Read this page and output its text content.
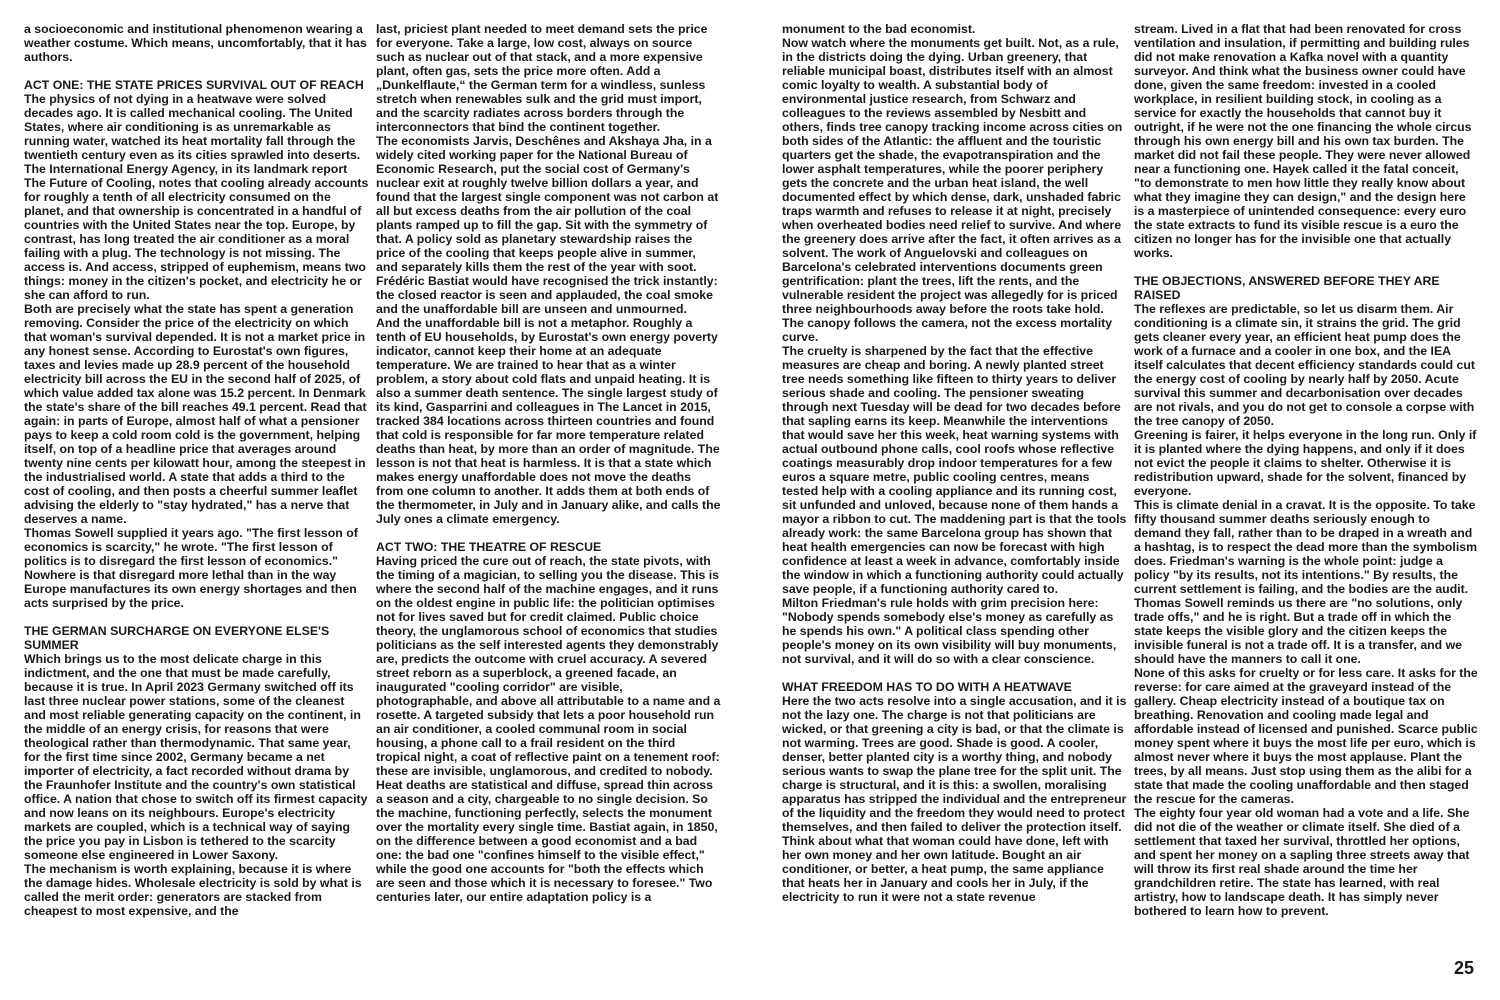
a socioeconomic and institutional phenomenon wearing a weather costume. Which means, uncomfortably, that it has authors.

ACT ONE: THE STATE PRICES SURVIVAL OUT OF REACH

The physics of not dying in a heatwave were solved decades ago. It is called mechanical cooling. The United States, where air conditioning is as unremarkable as running water, watched its heat mortality fall through the twentieth century even as its cities sprawled into deserts. The International Energy Agency, in its landmark report The Future of Cooling, notes that cooling already accounts for roughly a tenth of all electricity consumed on the planet, and that ownership is concentrated in a handful of countries with the United States near the top. Europe, by contrast, has long treated the air conditioner as a moral failing with a plug. The technology is not missing. The access is. And access, stripped of euphemism, means two things: money in the citizen's pocket, and electricity he or she can afford to run.

Both are precisely what the state has spent a generation removing. Consider the price of the electricity on which that woman's survival depended. It is not a market price in any honest sense. According to Eurostat's own figures, taxes and levies made up 28.9 percent of the household electricity bill across the EU in the second half of 2025, of which value added tax alone was 15.2 percent. In Denmark the state's share of the bill reaches 49.1 percent. Read that again: in parts of Europe, almost half of what a pensioner pays to keep a cold room cold is the government, helping itself, on top of a headline price that averages around twenty nine cents per kilowatt hour, among the steepest in the industrialised world. A state that adds a third to the cost of cooling, and then posts a cheerful summer leaflet advising the elderly to "stay hydrated," has a nerve that deserves a name.

Thomas Sowell supplied it years ago. "The first lesson of economics is scarcity," he wrote. "The first lesson of politics is to disregard the first lesson of economics." Nowhere is that disregard more lethal than in the way Europe manufactures its own energy shortages and then acts surprised by the price.

THE GERMAN SURCHARGE ON EVERYONE ELSE'S SUMMER

Which brings us to the most delicate charge in this indictment, and the one that must be made carefully, because it is true. In April 2023 Germany switched off its last three nuclear power stations, some of the cleanest and most reliable generating capacity on the continent, in the middle of an energy crisis, for reasons that were theological rather than thermodynamic. That same year, for the first time since 2002, Germany became a net importer of electricity, a fact recorded without drama by the Fraunhofer Institute and the country's own statistical office. A nation that chose to switch off its firmest capacity and now leans on its neighbours. Europe's electricity markets are coupled, which is a technical way of saying the price you pay in Lisbon is tethered to the scarcity someone else engineered in Lower Saxony.

The mechanism is worth explaining, because it is where the damage hides. Wholesale electricity is sold by what is called the merit order: generators are stacked from cheapest to most expensive, and the

last, priciest plant needed to meet demand sets the price for everyone. Take a large, low cost, always on source such as nuclear out of that stack, and a more expensive plant, often gas, sets the price more often. Add a „Dunkelflaute,“ the German term for a windless, sunless stretch when renewables sulk and the grid must import, and the scarcity radiates across borders through the interconnectors that bind the continent together.

The economists Jarvis, Deschênes and Akshaya Jha, in a widely cited working paper for the National Bureau of Economic Research, put the social cost of Germany's nuclear exit at roughly twelve billion dollars a year, and found that the largest single component was not carbon at all but excess deaths from the air pollution of the coal plants ramped up to fill the gap. Sit with the symmetry of that. A policy sold as planetary stewardship raises the price of the cooling that keeps people alive in summer, and separately kills them the rest of the year with soot. Frédéric Bastiat would have recognised the trick instantly: the closed reactor is seen and applauded, the coal smoke and the unaffordable bill are unseen and unmourned.

And the unaffordable bill is not a metaphor. Roughly a tenth of EU households, by Eurostat's own energy poverty indicator, cannot keep their home at an adequate temperature. We are trained to hear that as a winter problem, a story about cold flats and unpaid heating. It is also a summer death sentence. The single largest study of its kind, Gasparrini and colleagues in The Lancet in 2015, tracked 384 locations across thirteen countries and found that cold is responsible for far more temperature related deaths than heat, by more than an order of magnitude. The lesson is not that heat is harmless. It is that a state which makes energy unaffordable does not move the deaths from one column to another. It adds them at both ends of the thermometer, in July and in January alike, and calls the July ones a climate emergency.

ACT TWO: THE THEATRE OF RESCUE

Having priced the cure out of reach, the state pivots, with the timing of a magician, to selling you the disease. This is where the second half of the machine engages, and it runs on the oldest engine in public life: the politician optimises not for lives saved but for credit claimed. Public choice theory, the unglamorous school of economics that studies politicians as the self interested agents they demonstrably are, predicts the outcome with cruel accuracy. A severed street reborn as a superblock, a greened facade, an inaugurated "cooling corridor" are visible, photographable, and above all attributable to a name and a rosette. A targeted subsidy that lets a poor household run an air conditioner, a cooled communal room in social housing, a phone call to a frail resident on the third tropical night, a coat of reflective paint on a tenement roof: these are invisible, unglamorous, and credited to nobody. Heat deaths are statistical and diffuse, spread thin across a season and a city, chargeable to no single decision. So the machine, functioning perfectly, selects the monument over the mortality every single time. Bastiat again, in 1850, on the difference between a good economist and a bad one: the bad one "confines himself to the visible effect," while the good one accounts for "both the effects which are seen and those which it is necessary to foresee." Two centuries later, our entire adaptation policy is a

monument to the bad economist.

Now watch where the monuments get built. Not, as a rule, in the districts doing the dying. Urban greenery, that reliable municipal boast, distributes itself with an almost comic loyalty to wealth. A substantial body of environmental justice research, from Schwarz and colleagues to the reviews assembled by Nesbitt and others, finds tree canopy tracking income across cities on both sides of the Atlantic: the affluent and the touristic quarters get the shade, the evapotranspiration and the lower asphalt temperatures, while the poorer periphery gets the concrete and the urban heat island, the well documented effect by which dense, dark, unshaded fabric traps warmth and refuses to release it at night, precisely when overheated bodies need relief to survive. And where the greenery does arrive after the fact, it often arrives as a solvent. The work of Anguelovski and colleagues on Barcelona's celebrated interventions documents green gentrification: plant the trees, lift the rents, and the vulnerable resident the project was allegedly for is priced three neighbourhoods away before the roots take hold. The canopy follows the camera, not the excess mortality curve.

The cruelty is sharpened by the fact that the effective measures are cheap and boring. A newly planted street tree needs something like fifteen to thirty years to deliver serious shade and cooling. The pensioner sweating through next Tuesday will be dead for two decades before that sapling earns its keep. Meanwhile the interventions that would save her this week, heat warning systems with actual outbound phone calls, cool roofs whose reflective coatings measurably drop indoor temperatures for a few euros a square metre, public cooling centres, means tested help with a cooling appliance and its running cost, sit unfunded and unloved, because none of them hands a mayor a ribbon to cut. The maddening part is that the tools already work: the same Barcelona group has shown that heat health emergencies can now be forecast with high confidence at least a week in advance, comfortably inside the window in which a functioning authority could actually save people, if a functioning authority cared to.

Milton Friedman's rule holds with grim precision here: "Nobody spends somebody else's money as carefully as he spends his own." A political class spending other people's money on its own visibility will buy monuments, not survival, and it will do so with a clear conscience.

WHAT FREEDOM HAS TO DO WITH A HEATWAVE

Here the two acts resolve into a single accusation, and it is not the lazy one. The charge is not that politicians are wicked, or that greening a city is bad, or that the climate is not warming. Trees are good. Shade is good. A cooler, denser, better planted city is a worthy thing, and nobody serious wants to swap the plane tree for the split unit. The charge is structural, and it is this: a swollen, moralising apparatus has stripped the individual and the entrepreneur of the liquidity and the freedom they would need to protect themselves, and then failed to deliver the protection itself.

Think about what that woman could have done, left with her own money and her own latitude. Bought an air conditioner, or better, a heat pump, the same appliance that heats her in January and cools her in July, if the electricity to run it were not a state revenue

stream. Lived in a flat that had been renovated for cross ventilation and insulation, if permitting and building rules did not make renovation a Kafka novel with a quantity surveyor. And think what the business owner could have done, given the same freedom: invested in a cooled workplace, in resilient building stock, in cooling as a service for exactly the households that cannot buy it outright, if he were not the one financing the whole circus through his own energy bill and his own tax burden. The market did not fail these people. They were never allowed near a functioning one. Hayek called it the fatal conceit, "to demonstrate to men how little they really know about what they imagine they can design," and the design here is a masterpiece of unintended consequence: every euro the state extracts to fund its visible rescue is a euro the citizen no longer has for the invisible one that actually works.

THE OBJECTIONS, ANSWERED BEFORE THEY ARE RAISED

The reflexes are predictable, so let us disarm them. Air conditioning is a climate sin, it strains the grid. The grid gets cleaner every year, an efficient heat pump does the work of a furnace and a cooler in one box, and the IEA itself calculates that decent efficiency standards could cut the energy cost of cooling by nearly half by 2050. Acute survival this summer and decarbonisation over decades are not rivals, and you do not get to console a corpse with the tree canopy of 2050.

Greening is fairer, it helps everyone in the long run. Only if it is planted where the dying happens, and only if it does not evict the people it claims to shelter. Otherwise it is redistribution upward, shade for the solvent, financed by everyone.

This is climate denial in a cravat. It is the opposite. To take fifty thousand summer deaths seriously enough to demand they fall, rather than to be draped in a wreath and a hashtag, is to respect the dead more than the symbolism does. Friedman's warning is the whole point: judge a policy "by its results, not its intentions." By results, the current settlement is failing, and the bodies are the audit.

Thomas Sowell reminds us there are "no solutions, only trade offs," and he is right. But a trade off in which the state keeps the visible glory and the citizen keeps the invisible funeral is not a trade off. It is a transfer, and we should have the manners to call it one.

None of this asks for cruelty or for less care. It asks for the reverse: for care aimed at the graveyard instead of the gallery. Cheap electricity instead of a boutique tax on breathing. Renovation and cooling made legal and affordable instead of licensed and punished. Scarce public money spent where it buys the most life per euro, which is almost never where it buys the most applause. Plant the trees, by all means. Just stop using them as the alibi for a state that made the cooling unaffordable and then staged the rescue for the cameras.

The eighty four year old woman had a vote and a life. She did not die of the weather or climate itself. She died of a settlement that taxed her survival, throttled her options, and spent her money on a sapling three streets away that will throw its first real shade around the time her grandchildren retire. The state has learned, with real artistry, how to landscape death. It has simply never bothered to learn how to prevent.

25
